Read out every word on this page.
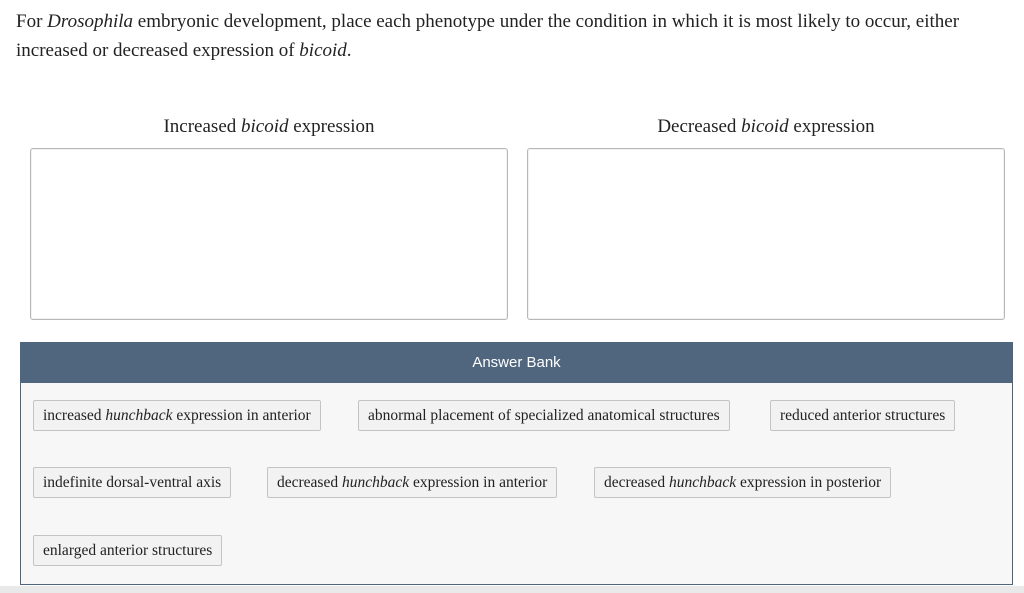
For Drosophila embryonic development, place each phenotype under the condition in which it is most likely to occur, either increased or decreased expression of bicoid.
Increased bicoid expression	Decreased bicoid expression
Answer Bank
increased hunchback expression in anterior	abnormal placement of specialized anatomical structures	reduced anterior structures
indefinite dorsal-ventral axis	decreased hunchback expression in anterior	decreased hunchback expression in posterior
enlarged anterior structures
